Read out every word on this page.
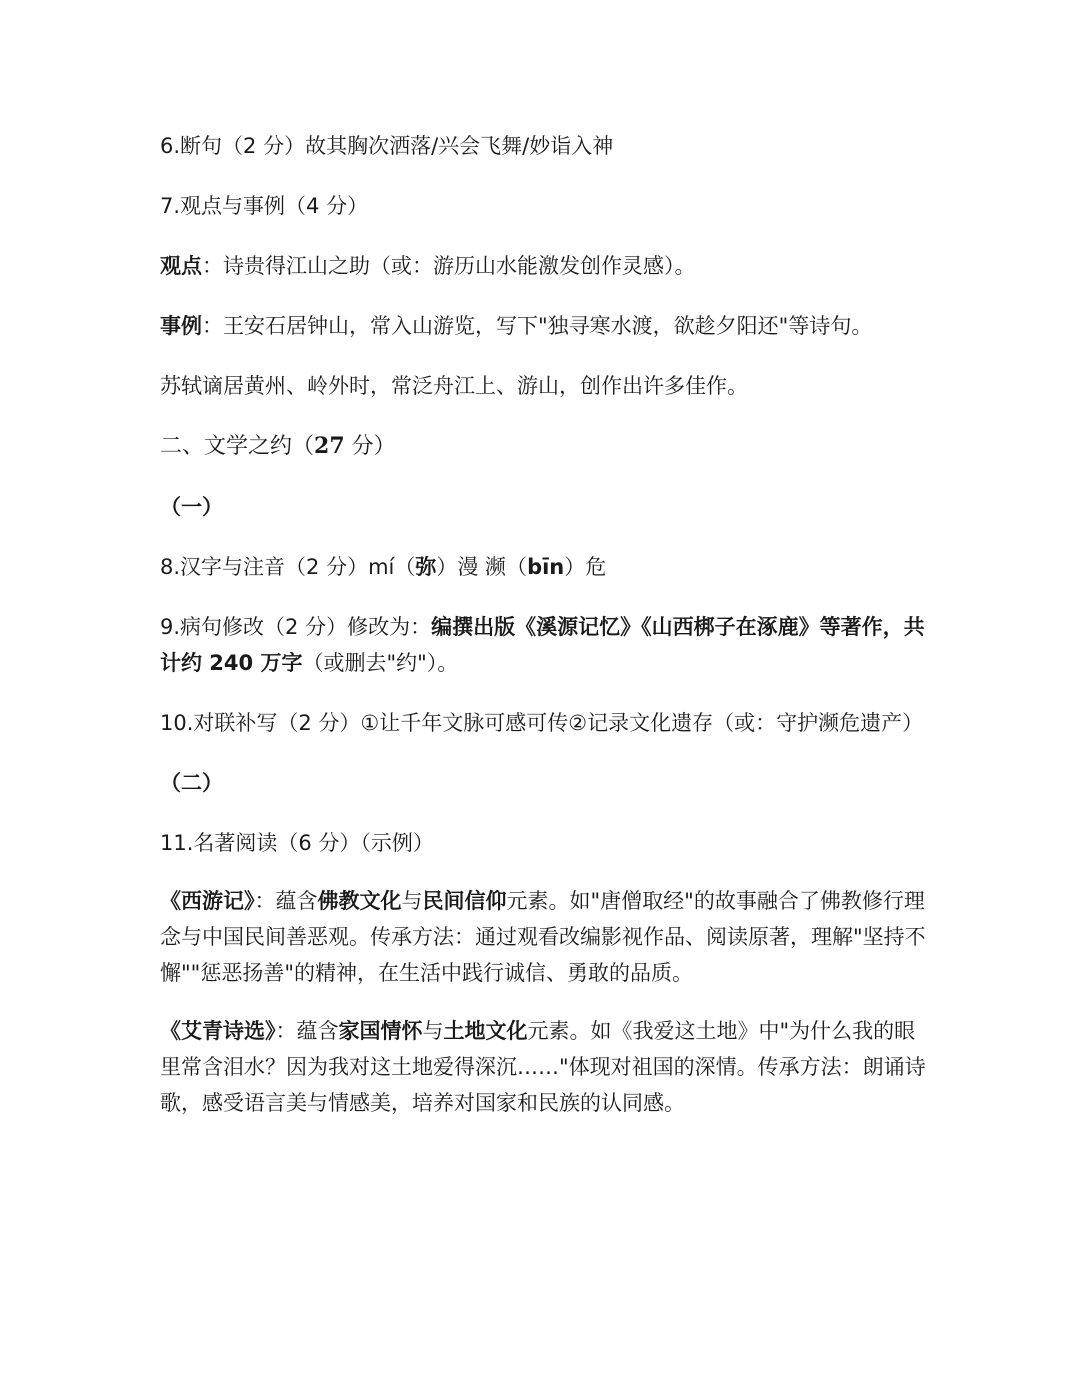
6.断句（2 分）故其胸次洒落/兴会飞舞/妙诣入神

7.观点与事例（4 分）

观点：诗贵得江山之助（或：游历山水能激发创作灵感）。

事例：王安石居钟山，常入山游览，写下"独寻寒水渡，欲趁夕阳还"等诗句。

苏轼谪居黄州、岭外时，常泛舟江上、游山，创作出许多佳作。

二、文学之约（27 分）

（一）

8.汉字与注音（2 分）mí（弥）漫 濒（bīn）危

9.病句修改（2 分）修改为：编撰出版《溪源记忆》《山西梆子在涿鹿》等著作，共计约 240 万字（或删去"约"）。

10.对联补写（2 分）①让千年文脉可感可传②记录文化遗存（或：守护濒危遗产）

（二）

11.名著阅读（6 分）（示例）

《西游记》：蕴含佛教文化与民间信仰元素。如"唐僧取经"的故事融合了佛教修行理念与中国民间善恶观。传承方法：通过观看改编影视作品、阅读原著，理解"坚持不懈""惩恶扬善"的精神，在生活中践行诚信、勇敢的品质。

《艾青诗选》：蕴含家国情怀与土地文化元素。如《我爱这土地》中"为什么我的眼里常含泪水？因为我对这土地爱得深沉……"体现对祖国的深情。传承方法：朗诵诗歌，感受语言美与情感美，培养对国家和民族的认同感。
